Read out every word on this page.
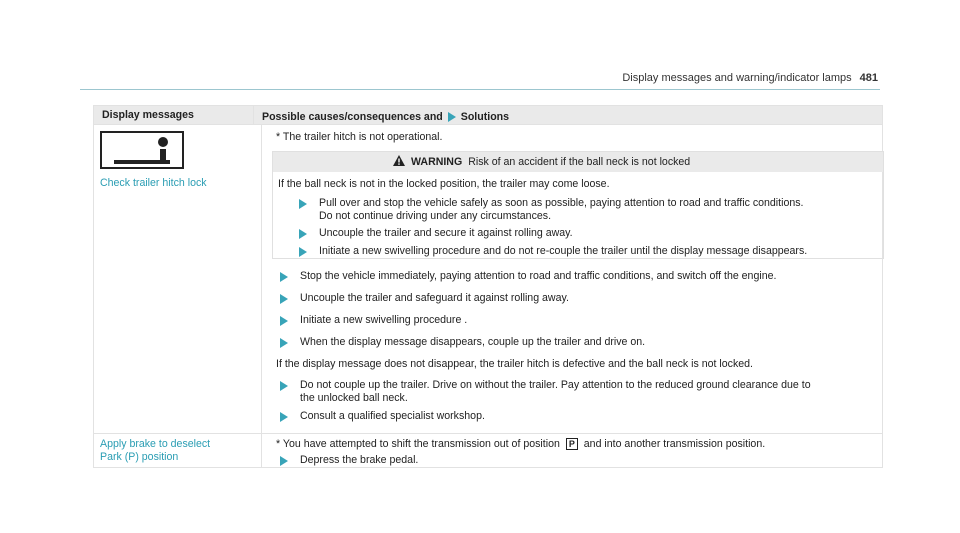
Display messages and warning/indicator lamps 481
Display messages	Possible causes/consequences and Solutions
Check trailer hitch lock
* The trailer hitch is not operational.
WARNING Risk of an accident if the ball neck is not locked
If the ball neck is not in the locked position, the trailer may come loose.
Pull over and stop the vehicle safely as soon as possible, paying attention to road and traffic conditions.
Do not continue driving under any circumstances.
Uncouple the trailer and secure it against rolling away.
Initiate a new swivelling procedure and do not re-couple the trailer until the display message disappears.
Stop the vehicle immediately, paying attention to road and traffic conditions, and switch off the engine.
Uncouple the trailer and safeguard it against rolling away.
Initiate a new swivelling procedure .
When the display message disappears, couple up the trailer and drive on.
If the display message does not disappear, the trailer hitch is defective and the ball neck is not locked.
Do not couple up the trailer. Drive on without the trailer. Pay attention to the reduced ground clearance due to
the unlocked ball neck.
Consult a qualified specialist workshop.
Apply brake to deselect
Park (P) position
* You have attempted to shift the transmission out of position P and into another transmission position.
Depress the brake pedal.
